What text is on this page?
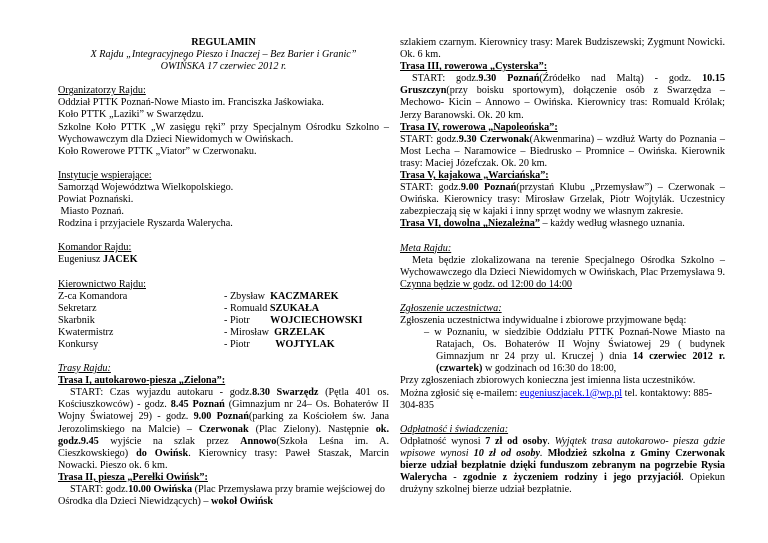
REGULAMIN

X Rajdu „Integracyjnego Pieszo i Inaczej – Bez Barier i Granic”

OWIŃSKA 17 czerwiec 2012 r.

Organizatorzy Rajdu:

Oddział PTTK Poznań-Nowe Miasto im. Franciszka Jaśkowiaka.

Koło PTTK „Laziki” w Swarzędzu.

Szkolne Koło PTTK „W zasięgu ręki” przy Specjalnym Ośrodku Szkolno –Wychowawczym dla Dzieci Niewidomych w Owińskach.

Koło Rowerowe PTTK „Viator” w Czerwonaku.

Instytucje wspierające:

Samorząd Województwa Wielkopolskiego.

Powiat Poznański.

Miasto Poznań.

Rodzina i przyjaciele Ryszarda Walerycha.

Komandor Rajdu:

Eugeniusz JACEK

Kierownictwo Rajdu:

Z-ca Komandora	- Zbysław  KACZMAREK
Sekretarz	- Romuald SZUKAŁA
Skarbnik	- Piotr        WOJCIECHOWSKI
Kwatermistrz	- Mirosław  GRZELAK
Konkursy	- Piotr          WOJTYLAK

Trasy Rajdu:

Trasa I, autokarowo-piesza „Zielona”:

START: Czas wyjazdu autokaru - godz.8.30 Swarzędz (Pętla 401 os. Kościuszkowców) - godz. 8.45 Poznań (Gimnazjum nr 24– Os. Bohaterów II Wojny Światowej 29) - godz. 9.00 Poznań(parking za Kościołem św. Jana Jerozolimskiego na Malcie) – Czerwonak (Plac Zielony). Następnie ok. godz.9.45 wyjście na szlak przez Annowo(Szkoła Leśna im. A. Cieszkowskiego) do Owińsk. Kierownicy trasy: Paweł Staszak, Marcin Nowacki. Pieszo ok. 6 km.

Trasa II, piesza „Perełki Owińsk”:

START: godz.10.00 Owińska (Plac Przemysława przy bramie wejściowej do Ośrodka dla Dzieci Niewidzących) – wokoł Owińsk

szlakiem czarnym. Kierownicy trasy: Marek Budziszewski; Zygmunt Nowicki. Ok. 6 km.

Trasa III, rowerowa „Cysterska”:

START: godz.9.30 Poznań(Źródełko nad Maltą) - godz. 10.15 Gruszczyn(przy boisku sportowym), dołączenie osób z Swarzędza – Mechowo- Kicin – Annowo – Owińska. Kierownicy tras: Romuald Królak; Jerzy Baranowski. Ok. 20 km.

Trasa IV, rowerowa „Napoleońska”:

START: godz.9.30 Czerwonak(Akwenmarina) – wzdłuż Warty do Poznania – Most Lecha – Naramowice – Biedrusko – Promnice – Owińska. Kierownik trasy: Maciej Józefczak. Ok. 20 km.

Trasa V, kajakowa „Warciańska”:

START: godz.9.00 Poznań(przystań Klubu „Przemysław”) – Czerwonak – Owińska. Kierownicy trasy: Mirosław Grzelak, Piotr Wojtylák. Uczestnicy zabezpieczają się w kajaki i inny sprzęt wodny we własnym zakresie.

Trasa VI, dowolna „Niezależna” – każdy według własnego uznania.

Meta Rajdu:

Meta będzie zlokalizowana na terenie Specjalnego Ośrodka Szkolno – Wychowawczego dla Dzieci Niewidomych w Owińskach, Plac Przemysława 9. Czynna będzie w godz. od 12:00 do 14:00

Zgłoszenie uczestnictwa:

Zgłoszenia uczestnictwa indywidualne i zbiorowe przyjmowane będą:

– w Poznaniu, w siedzibie Oddziału PTTK Poznań-Nowe Miasto na Ratajach, Os. Bohaterów II Wojny Światowej 29 ( budynek Gimnazjum nr 24 przy ul. Kruczej ) dnia 14 czerwiec 2012 r. (czwartek) w godzinach od 16:30 do 18:00,

Przy zgłoszeniach zbiorowych konieczna jest imienna lista uczestników.

Można zgłosić się e-mailem: eugeniuszjacek.1@wp.pl tel. kontaktowy: 885-304-835

Odpłatność i świadczenia:

Odpłatność wynosi 7 zł od osoby. Wyjątek trasa autokarowo- piesza gdzie wpisowe wynosi 10 zł od osoby. Młodzież szkolna z Gminy Czerwonak bierze udział bezpłatnie dzięki funduszom zebranym na pogrzebie Rysia Walerycha - zgodnie z życzeniem rodziny i jego przyjaciół. Opiekun drużyny szkolnej bierze udział bezpłatnie.
